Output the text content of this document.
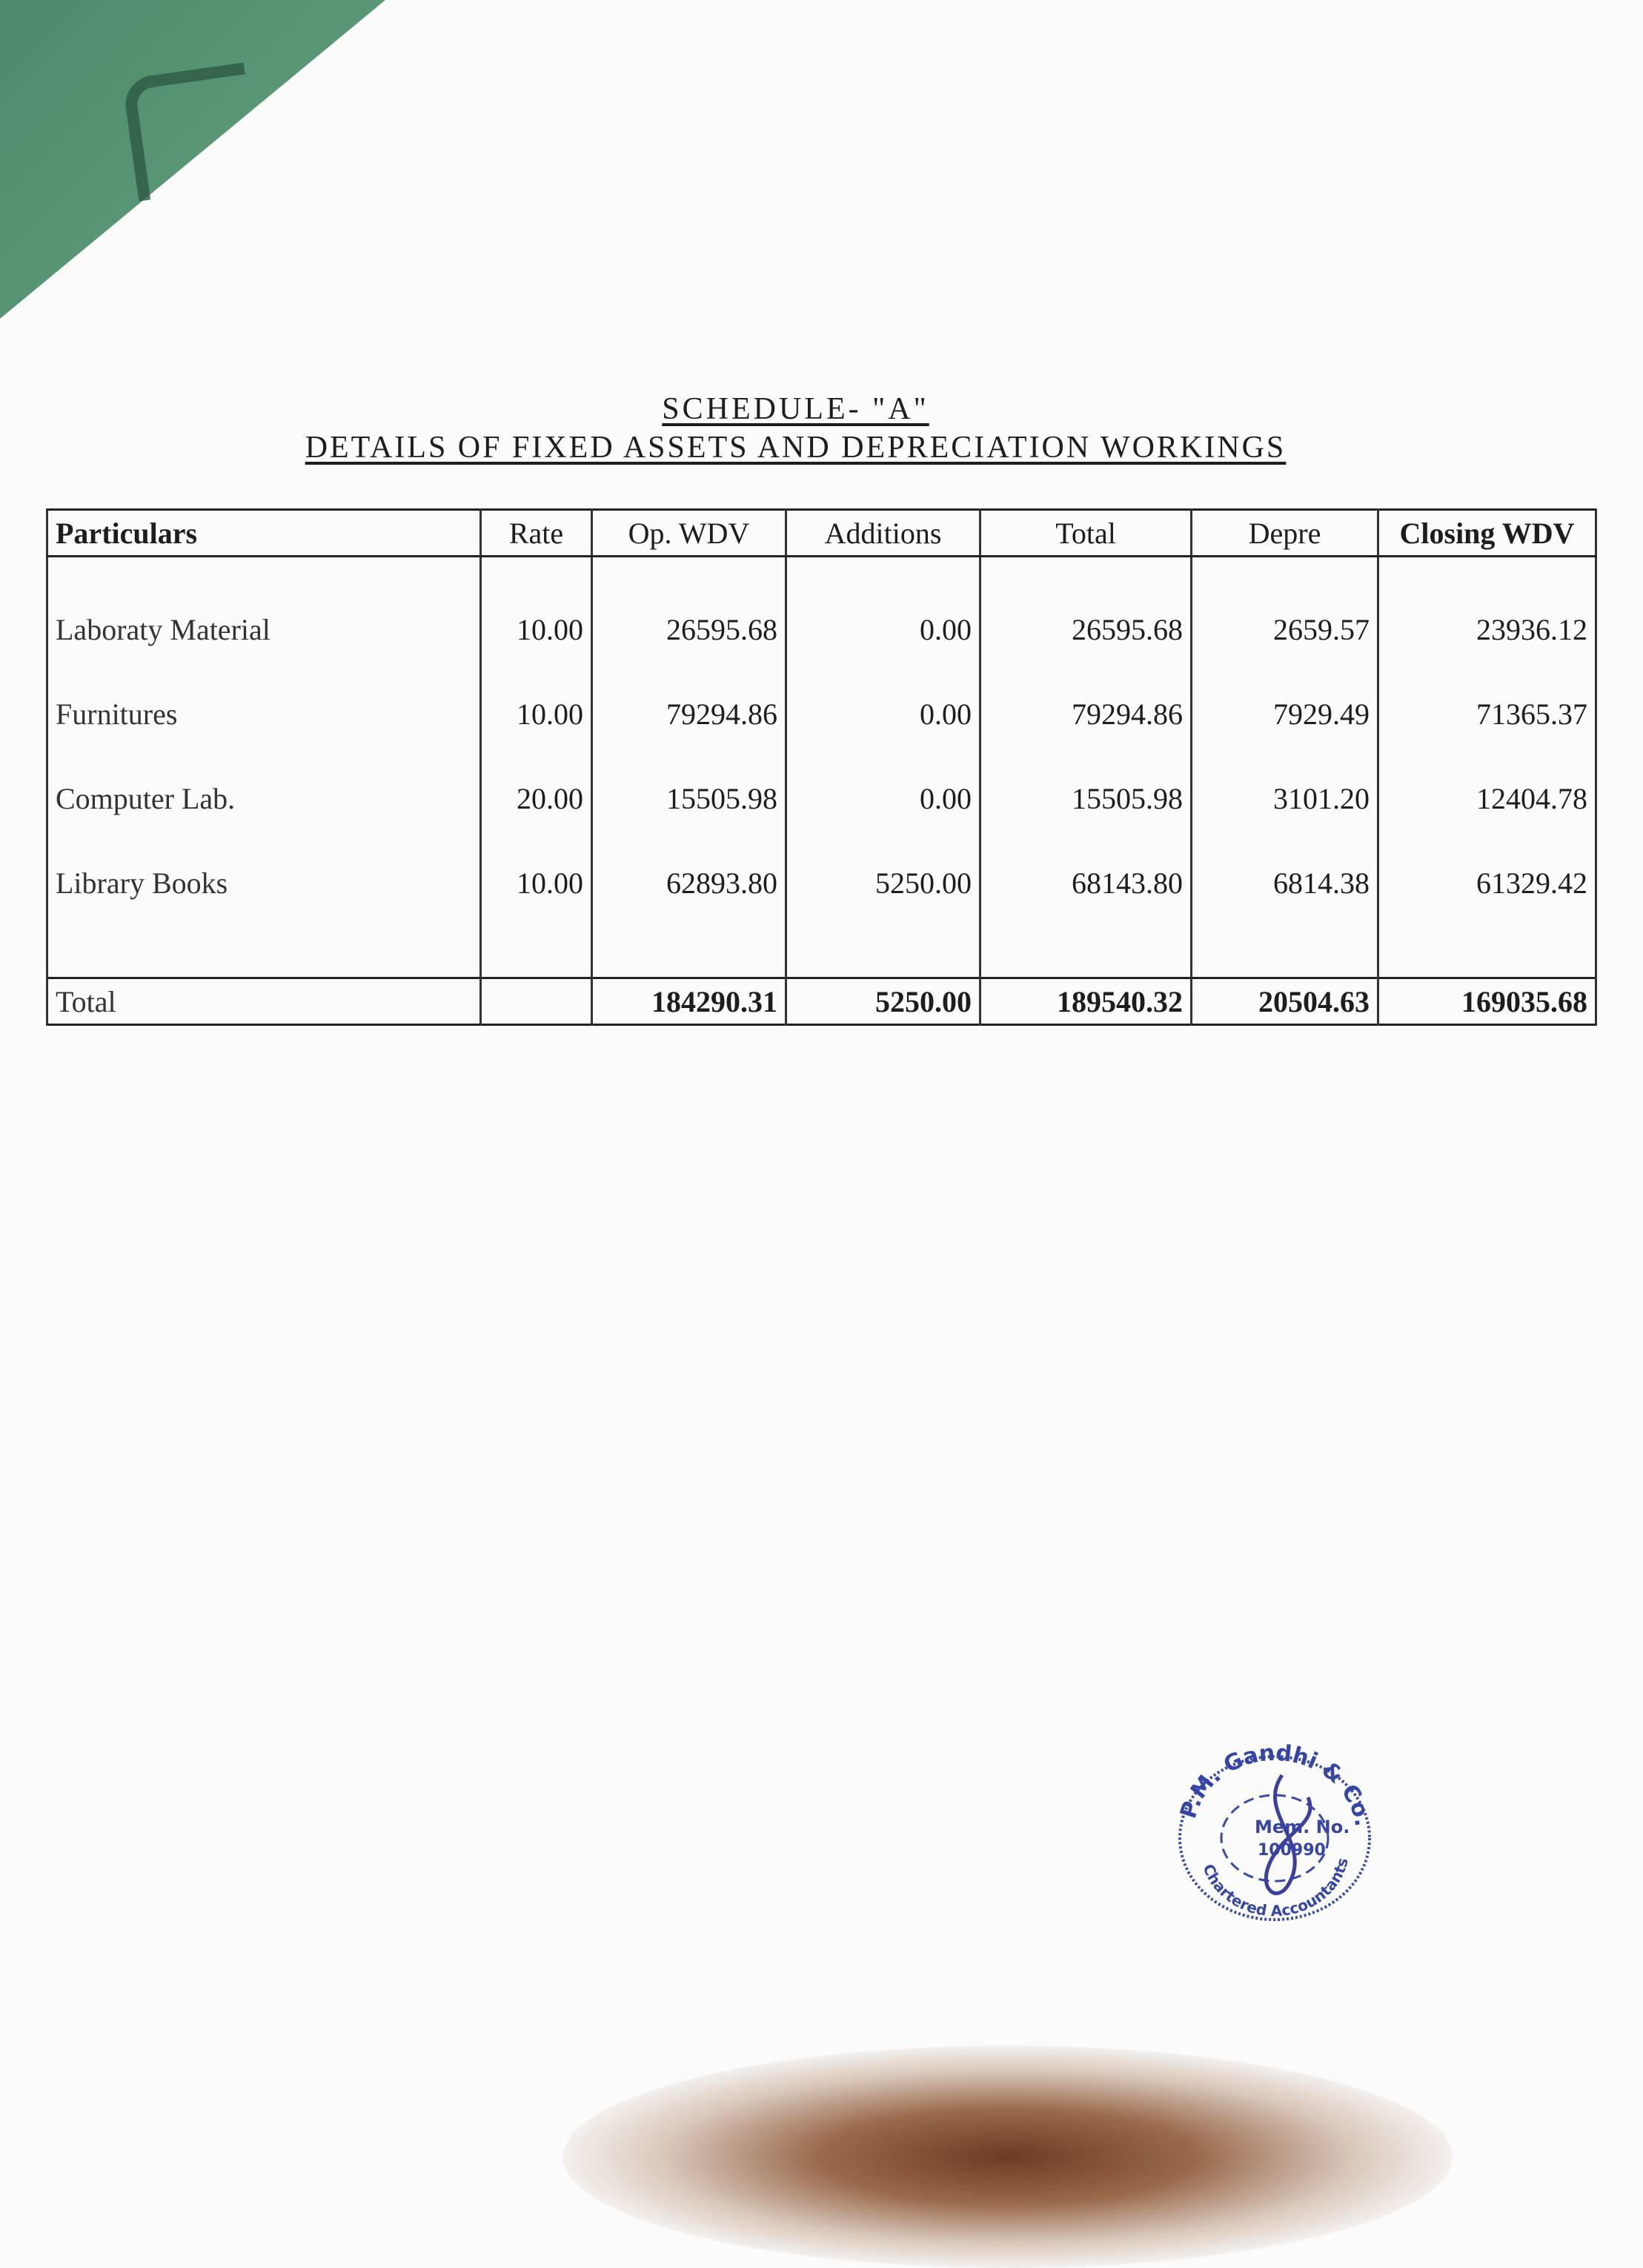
SCHEDULE- "A"
DETAILS OF FIXED ASSETS AND DEPRECIATION WORKINGS
Particulars	Rate	Op. WDV	Additions	Total	Depre	Closing WDV
Laboraty Material	10.00	26595.68	0.00	26595.68	2659.57	23936.12
Furnitures	10.00	79294.86	0.00	79294.86	7929.49	71365.37
Computer Lab.	20.00	15505.98	0.00	15505.98	3101.20	12404.78
Library Books	10.00	62893.80	5250.00	68143.80	6814.38	61329.42

Total		184290.31	5250.00	189540.32	20504.63	169035.68
P.M. Gandhi & Co.
Mem. No.
100990
Chartered Accountants
